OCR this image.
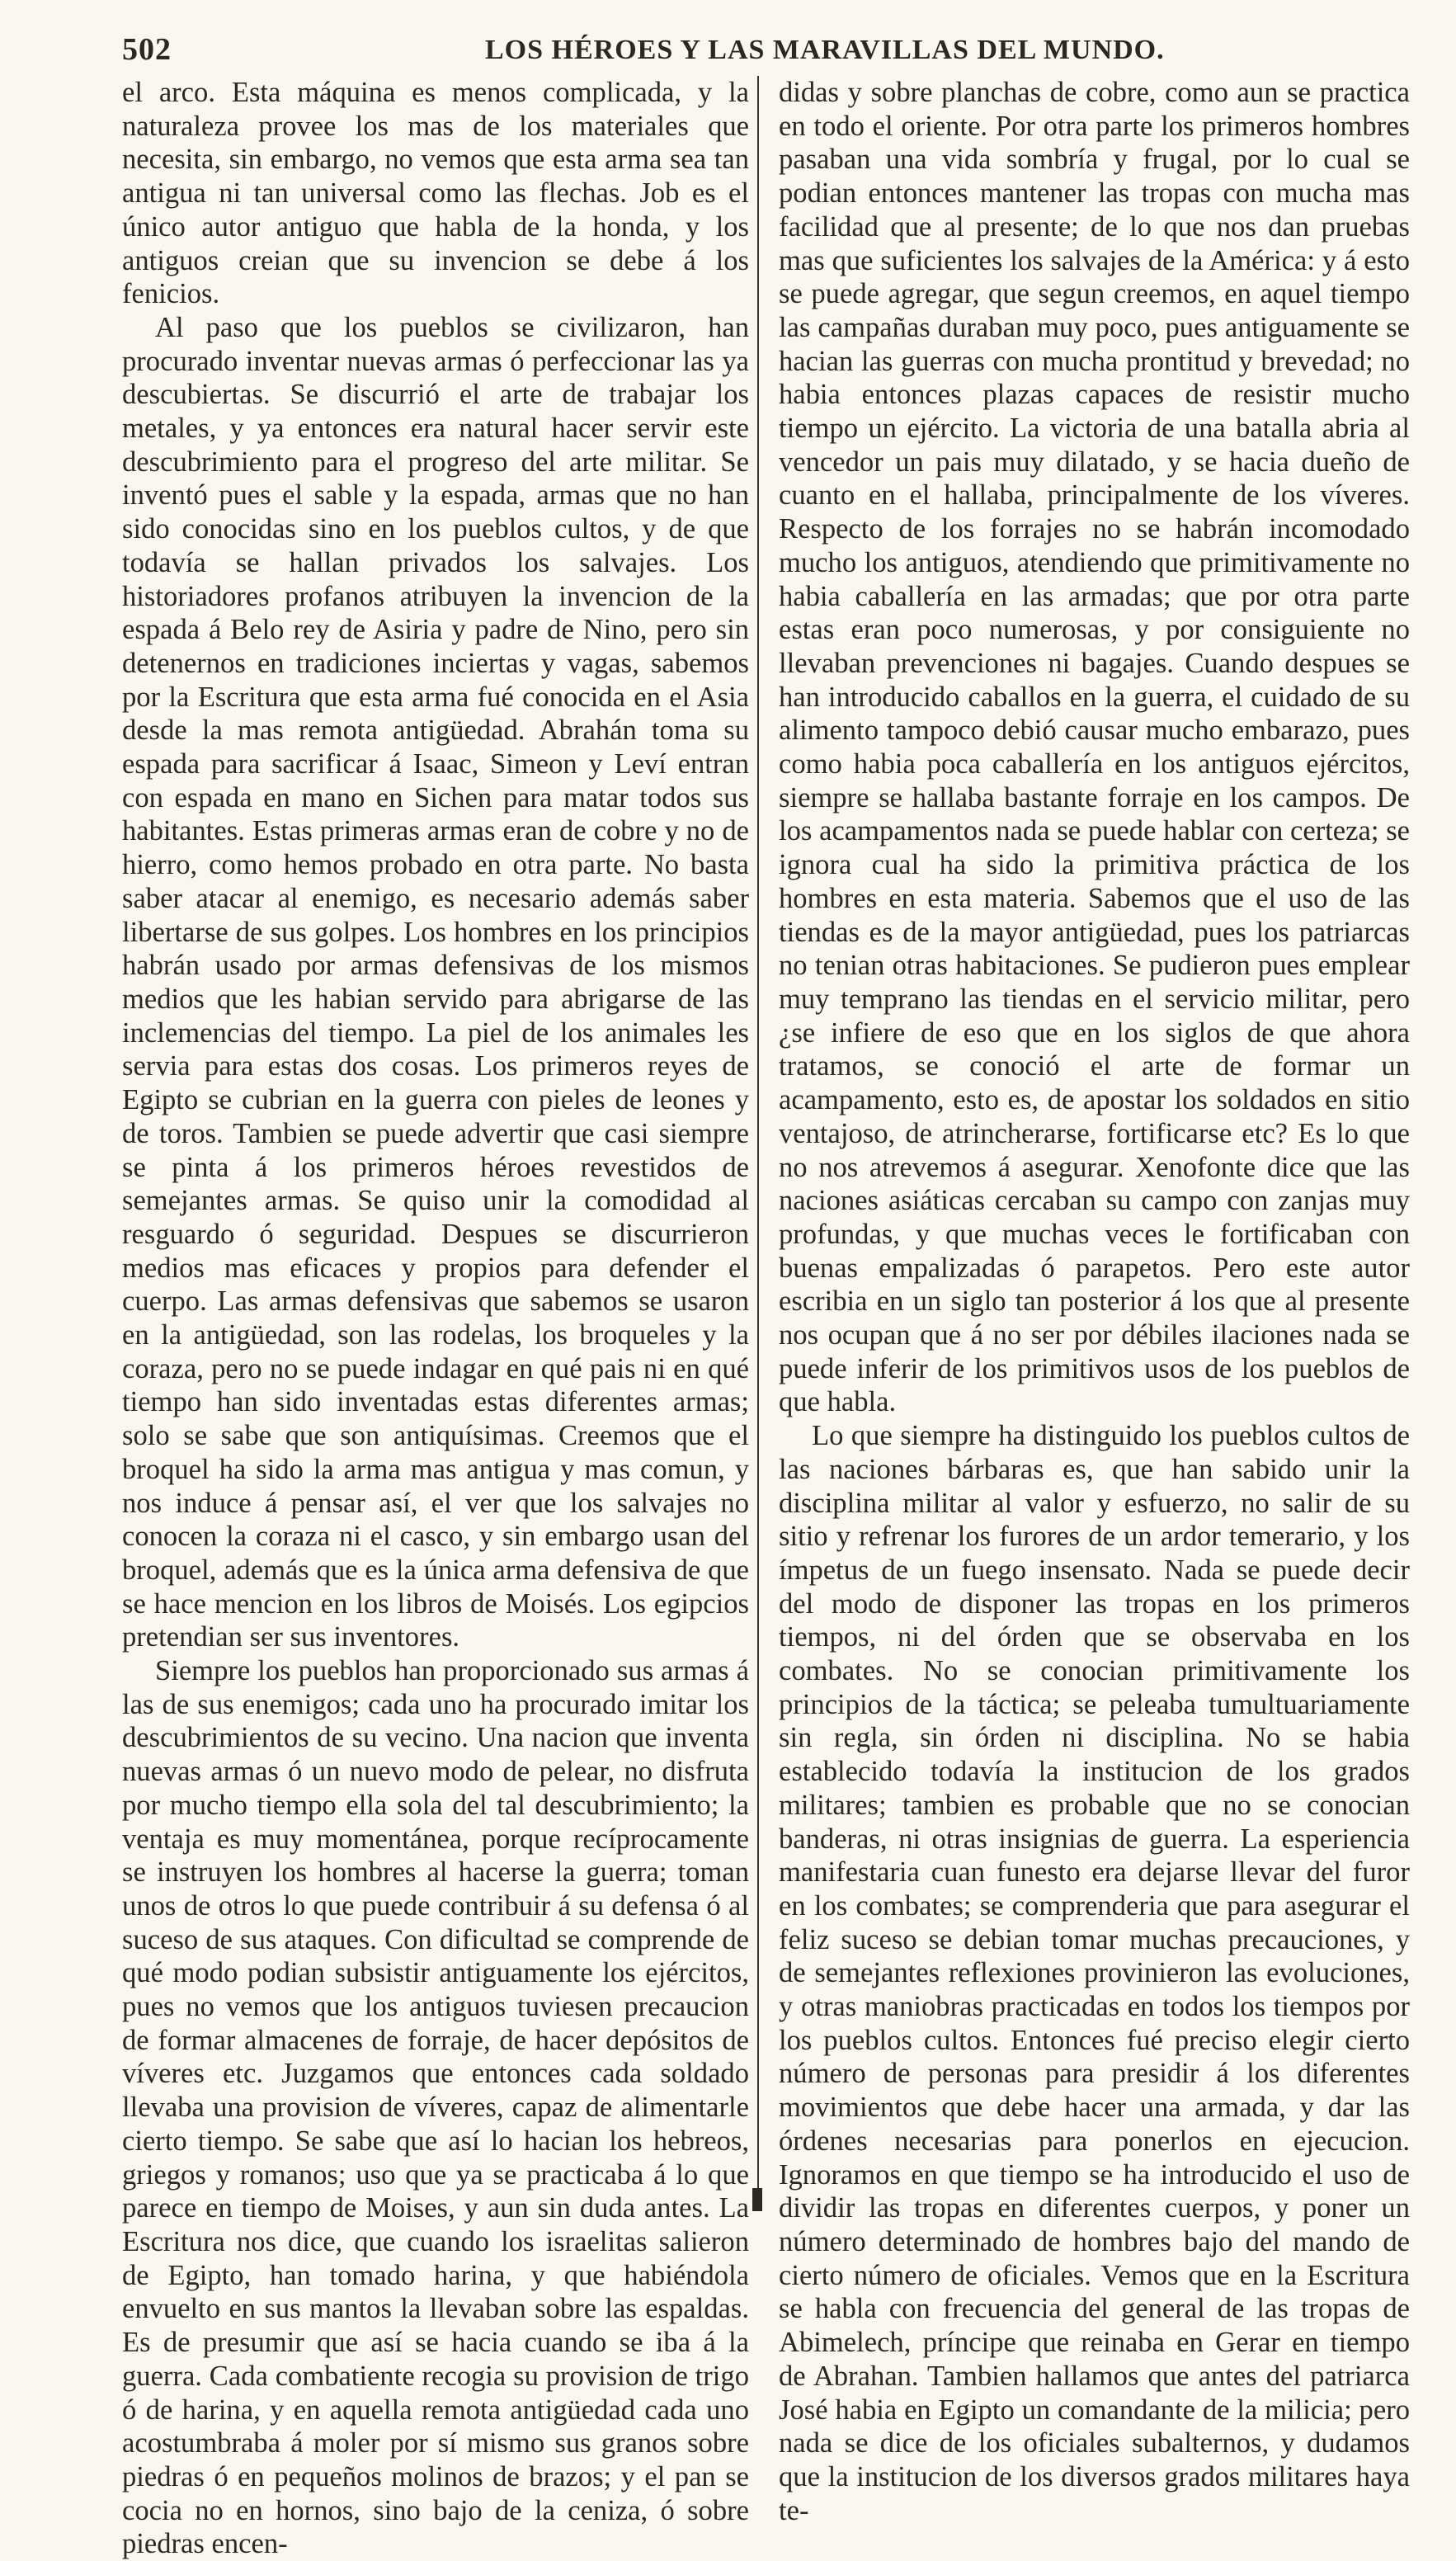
502	LOS HÉROES Y LAS MARAVILLAS DEL MUNDO.

el arco. Esta máquina es menos complicada, y la naturaleza provee los mas de los materiales que necesita, sin embargo, no vemos que esta arma sea tan antigua ni tan universal como las flechas. Job es el único autor antiguo que habla de la honda, y los antiguos creian que su invencion se debe á los fenicios.

Al paso que los pueblos se civilizaron, han procurado inventar nuevas armas ó perfeccionar las ya descubiertas. Se discurrió el arte de trabajar los metales, y ya entonces era natural hacer servir este descubrimiento para el progreso del arte militar. Se inventó pues el sable y la espada, armas que no han sido conocidas sino en los pueblos cultos, y de que todavía se hallan privados los salvajes. Los historiadores profanos atribuyen la invencion de la espada á Belo rey de Asiria y padre de Nino, pero sin detenernos en tradiciones inciertas y vagas, sabemos por la Escritura que esta arma fué conocida en el Asia desde la mas remota antigüedad. Abrahán toma su espada para sacrificar á Isaac, Simeon y Leví entran con espada en mano en Sichen para matar todos sus habitantes. Estas primeras armas eran de cobre y no de hierro, como hemos probado en otra parte. No basta saber atacar al enemigo, es necesario además saber libertarse de sus golpes. Los hombres en los principios habrán usado por armas defensivas de los mismos medios que les habian servido para abrigarse de las inclemencias del tiempo. La piel de los animales les servia para estas dos cosas. Los primeros reyes de Egipto se cubrian en la guerra con pieles de leones y de toros. Tambien se puede advertir que casi siempre se pinta á los primeros héroes revestidos de semejantes armas. Se quiso unir la comodidad al resguardo ó seguridad. Despues se discurrieron medios mas eficaces y propios para defender el cuerpo. Las armas defensivas que sabemos se usaron en la antigüedad, son las rodelas, los broqueles y la coraza, pero no se puede indagar en qué pais ni en qué tiempo han sido inventadas estas diferentes armas; solo se sabe que son antiquísimas. Creemos que el broquel ha sido la arma mas antigua y mas comun, y nos induce á pensar así, el ver que los salvajes no conocen la coraza ni el casco, y sin embargo usan del broquel, además que es la única arma defensiva de que se hace mencion en los libros de Moisés. Los egipcios pretendian ser sus inventores.

Siempre los pueblos han proporcionado sus armas á las de sus enemigos; cada uno ha procurado imitar los descubrimientos de su vecino. Una nacion que inventa nuevas armas ó un nuevo modo de pelear, no disfruta por mucho tiempo ella sola del tal descubrimiento; la ventaja es muy momentánea, porque recíprocamente se instruyen los hombres al hacerse la guerra; toman unos de otros lo que puede contribuir á su defensa ó al suceso de sus ataques. Con dificultad se comprende de qué modo podian subsistir antiguamente los ejércitos, pues no vemos que los antiguos tuviesen precaucion de formar almacenes de forraje, de hacer depósitos de víveres etc. Juzgamos que entonces cada soldado llevaba una provision de víveres, capaz de alimentarle cierto tiempo. Se sabe que así lo hacian los hebreos, griegos y romanos; uso que ya se practicaba á lo que parece en tiempo de Moises, y aun sin duda antes. La Escritura nos dice, que cuando los israelitas salieron de Egipto, han tomado harina, y que habiéndola envuelto en sus mantos la llevaban sobre las espaldas. Es de presumir que así se hacia cuando se iba á la guerra. Cada combatiente recogia su provision de trigo ó de harina, y en aquella remota antigüedad cada uno acostumbraba á moler por sí mismo sus granos sobre piedras ó en pequeños molinos de brazos; y el pan se cocia no en hornos, sino bajo de la ceniza, ó sobre piedras encen-

didas y sobre planchas de cobre, como aun se practica en todo el oriente. Por otra parte los primeros hombres pasaban una vida sombría y frugal, por lo cual se podian entonces mantener las tropas con mucha mas facilidad que al presente; de lo que nos dan pruebas mas que suficientes los salvajes de la América: y á esto se puede agregar, que segun creemos, en aquel tiempo las campañas duraban muy poco, pues antiguamente se hacian las guerras con mucha prontitud y brevedad; no habia entonces plazas capaces de resistir mucho tiempo un ejército. La victoria de una batalla abria al vencedor un pais muy dilatado, y se hacia dueño de cuanto en el hallaba, principalmente de los víveres. Respecto de los forrajes no se habrán incomodado mucho los antiguos, atendiendo que primitivamente no habia caballería en las armadas; que por otra parte estas eran poco numerosas, y por consiguiente no llevaban prevenciones ni bagajes. Cuando despues se han introducido caballos en la guerra, el cuidado de su alimento tampoco debió causar mucho embarazo, pues como habia poca caballería en los antiguos ejércitos, siempre se hallaba bastante forraje en los campos. De los acampamentos nada se puede hablar con certeza; se ignora cual ha sido la primitiva práctica de los hombres en esta materia. Sabemos que el uso de las tiendas es de la mayor antigüedad, pues los patriarcas no tenian otras habitaciones. Se pudieron pues emplear muy temprano las tiendas en el servicio militar, pero ¿se infiere de eso que en los siglos de que ahora tratamos, se conoció el arte de formar un acampamento, esto es, de apostar los soldados en sitio ventajoso, de atrincherarse, fortificarse etc? Es lo que no nos atrevemos á asegurar. Xenofonte dice que las naciones asiáticas cercaban su campo con zanjas muy profundas, y que muchas veces le fortificaban con buenas empalizadas ó parapetos. Pero este autor escribia en un siglo tan posterior á los que al presente nos ocupan que á no ser por débiles ilaciones nada se puede inferir de los primitivos usos de los pueblos de que habla.

Lo que siempre ha distinguido los pueblos cultos de las naciones bárbaras es, que han sabido unir la disciplina militar al valor y esfuerzo, no salir de su sitio y refrenar los furores de un ardor temerario, y los ímpetus de un fuego insensato. Nada se puede decir del modo de disponer las tropas en los primeros tiempos, ni del órden que se observaba en los combates. No se conocian primitivamente los principios de la táctica; se peleaba tumultuariamente sin regla, sin órden ni disciplina. No se habia establecido todavía la institucion de los grados militares; tambien es probable que no se conocian banderas, ni otras insignias de guerra. La esperiencia manifestaria cuan funesto era dejarse llevar del furor en los combates; se comprenderia que para asegurar el feliz suceso se debian tomar muchas precauciones, y de semejantes reflexiones provinieron las evoluciones, y otras maniobras practicadas en todos los tiempos por los pueblos cultos. Entonces fué preciso elegir cierto número de personas para presidir á los diferentes movimientos que debe hacer una armada, y dar las órdenes necesarias para ponerlos en ejecucion. Ignoramos en que tiempo se ha introducido el uso de dividir las tropas en diferentes cuerpos, y poner un número determinado de hombres bajo del mando de cierto número de oficiales. Vemos que en la Escritura se habla con frecuencia del general de las tropas de Abimelech, príncipe que reinaba en Gerar en tiempo de Abrahan. Tambien hallamos que antes del patriarca José habia en Egipto un comandante de la milicia; pero nada se dice de los oficiales subalternos, y dudamos que la institucion de los diversos grados militares haya te-
